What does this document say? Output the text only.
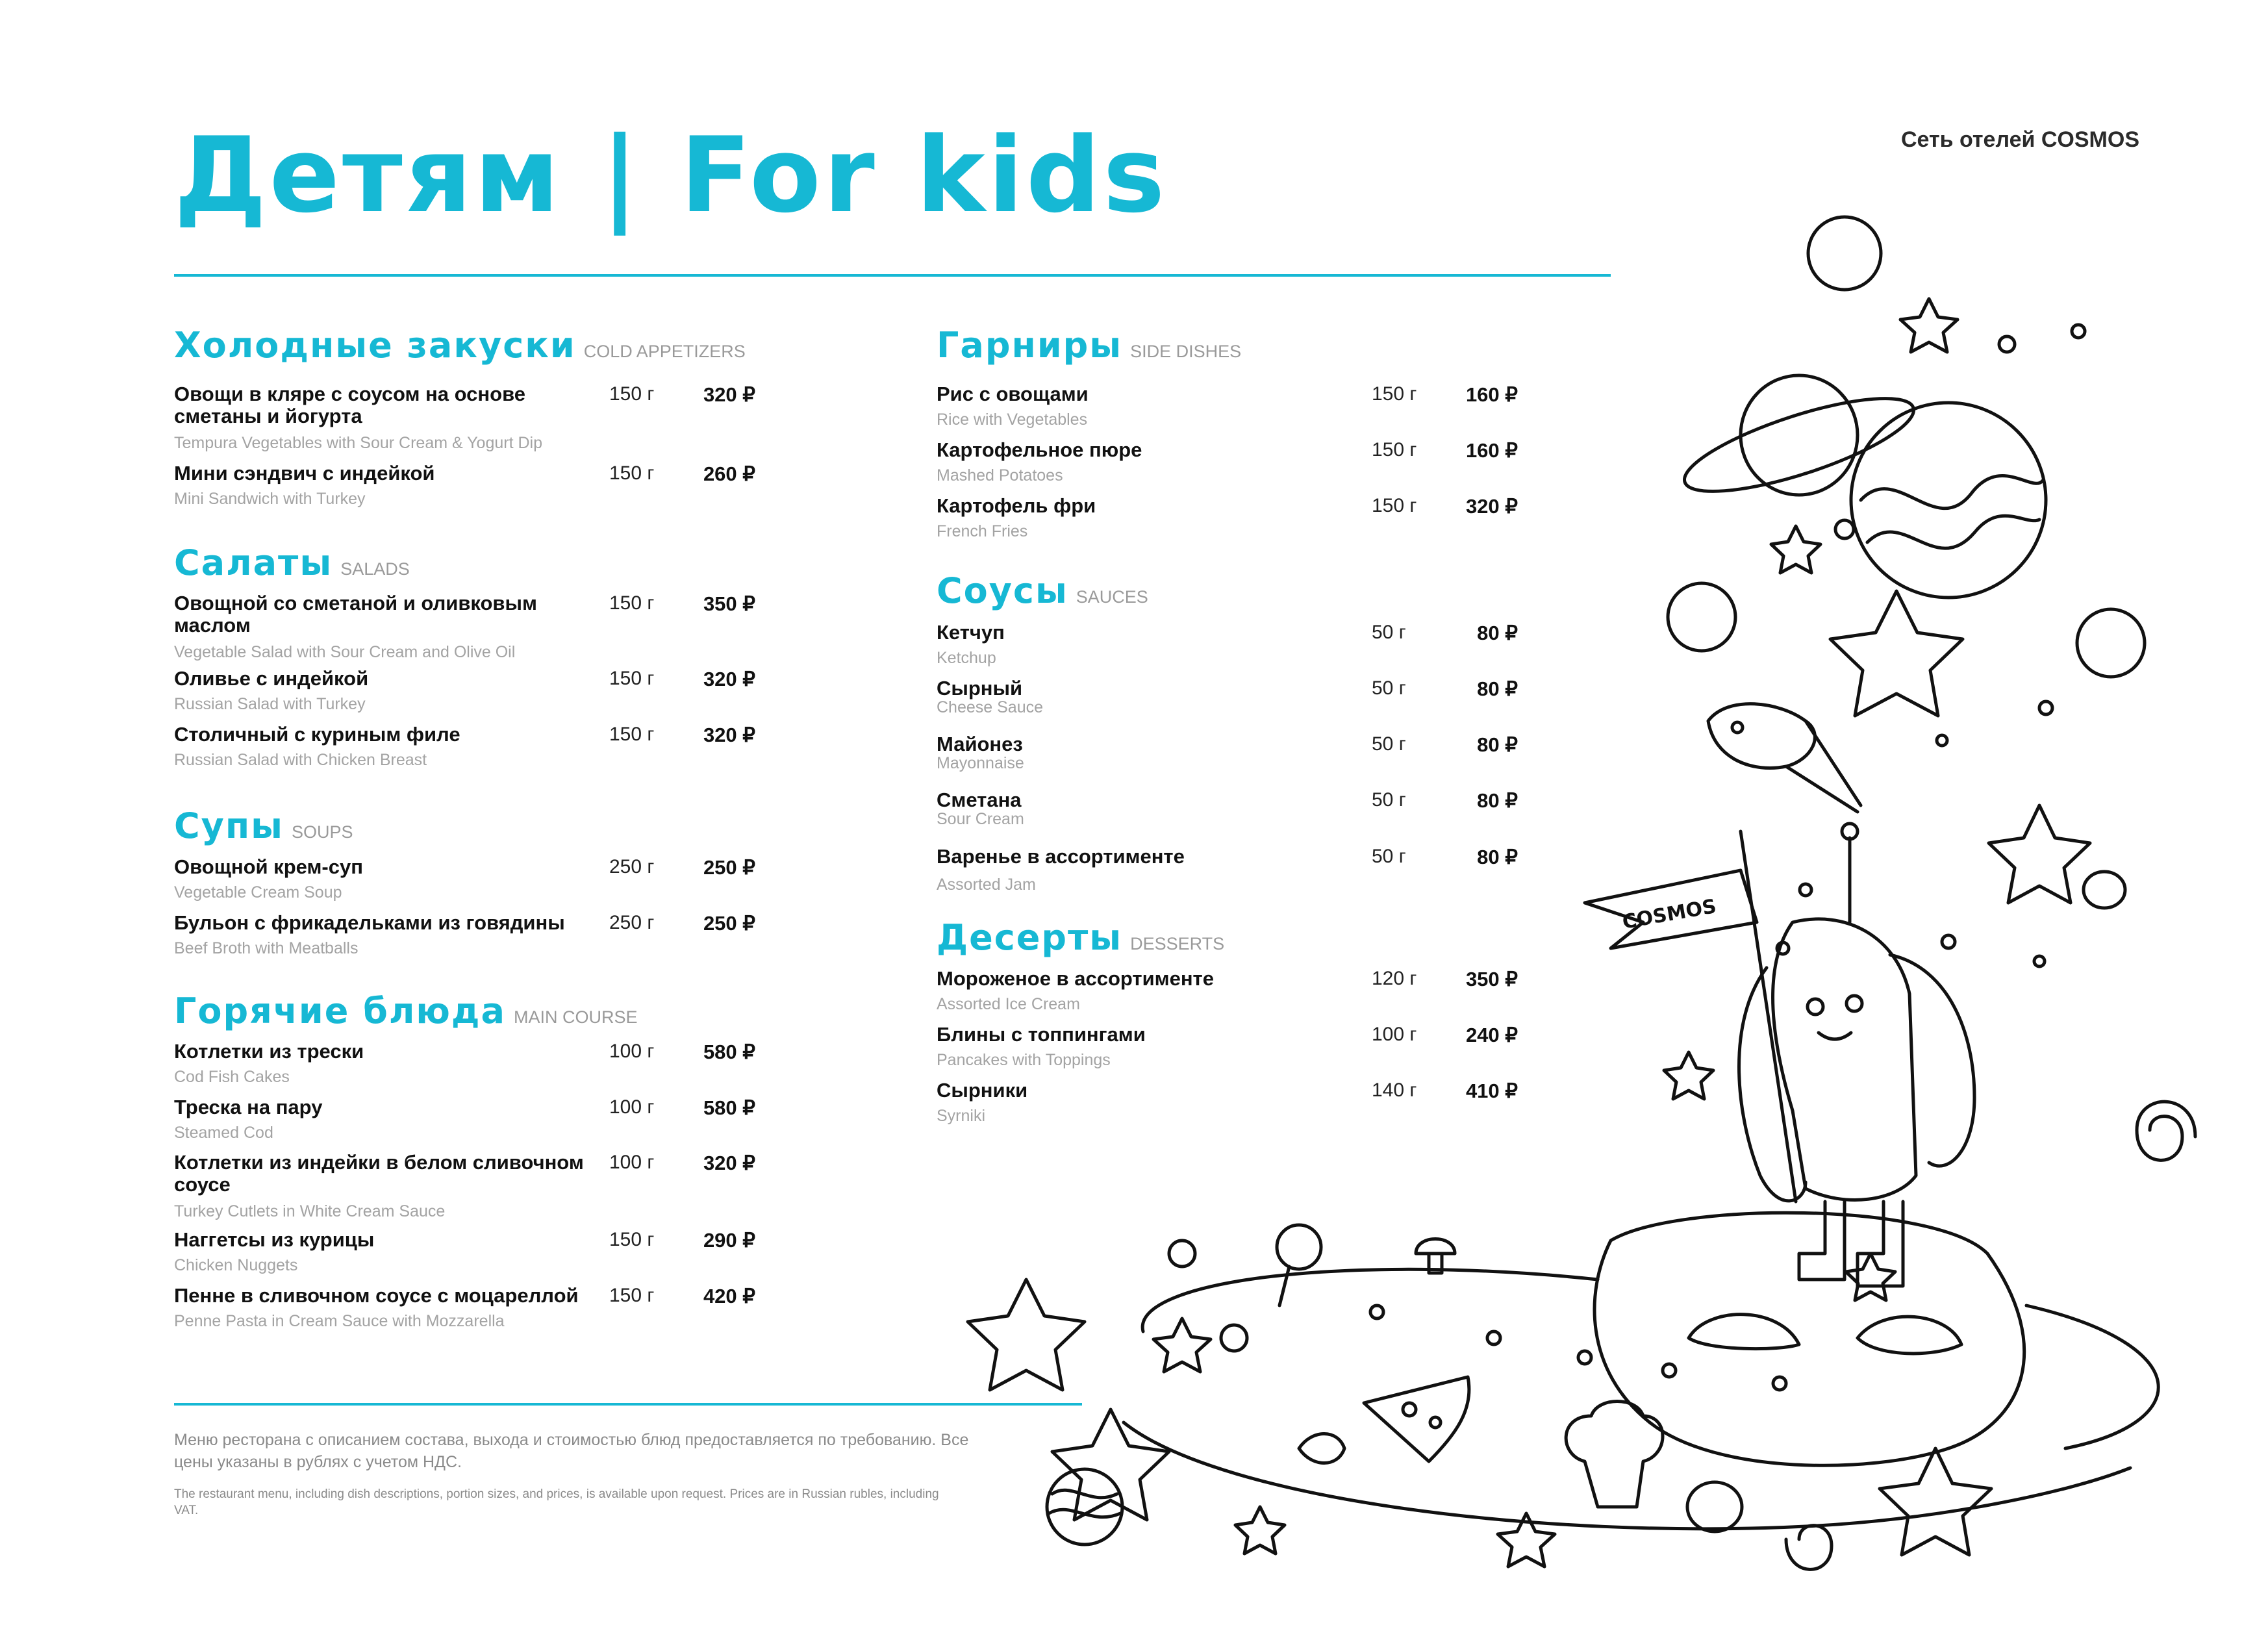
Детям | For kids	Сеть отелей COSMOS
Холодные закуски COLD APPETIZERS
Овощи в кляре с соусом на основе сметаны и йогурта
Tempura Vegetables with Sour Cream & Yogurt Dip
150 г	320 ₽
Мини сэндвич с индейкой
Mini Sandwich with Turkey
150 г	260 ₽
Салаты SALADS
Овощной со сметаной и оливковым маслом
Vegetable Salad with Sour Cream and Olive Oil
150 г	350 ₽
Оливье с индейкой
Russian Salad with Turkey
150 г	320 ₽
Столичный с куриным филе
Russian Salad with Chicken Breast
150 г	320 ₽
Супы SOUPS
Овощной крем-суп
Vegetable Cream Soup
250 г	250 ₽
Бульон с фрикадельками из говядины
Beef Broth with Meatballs
250 г	250 ₽
Горячие блюда MAIN COURSE
Котлетки из трески
Cod Fish Cakes
100 г	580 ₽
Треска на пару
Steamed Cod
100 г	580 ₽
Котлетки из индейки в белом сливочном соусе
Turkey Cutlets in White Cream Sauce
100 г	320 ₽
Наггетсы из курицы
Chicken Nuggets
150 г	290 ₽
Пенне в сливочном соусе с моцареллой
Penne Pasta in Cream Sauce with Mozzarella
150 г	420 ₽
Гарниры SIDE DISHES
Рис с овощами
Rice with Vegetables
150 г	160 ₽
Картофельное пюре
Mashed Potatoes
150 г	160 ₽
Картофель фри
French Fries
150 г	320 ₽
Соусы SAUCES
Кетчуп
Ketchup
50 г	80 ₽
Сырный
Cheese Sauce
50 г	80 ₽
Майонез
Mayonnaise
50 г	80 ₽
Сметана
Sour Cream
50 г	80 ₽
Варенье в ассортименте
Assorted Jam
50 г	80 ₽
Десерты DESSERTS
Мороженое в ассортименте
Assorted Ice Cream
120 г	350 ₽
Блины с топпингами
Pancakes with Toppings
100 г	240 ₽
Сырники
Syrniki
140 г	410 ₽
Меню ресторана с описанием состава, выхода и стоимостью блюд предоставляется по требованию. Все цены указаны в рублях с учетом НДС.
The restaurant menu, including dish descriptions, portion sizes, and prices, is available upon request. Prices are in Russian rubles, including VAT.
COSMOS
